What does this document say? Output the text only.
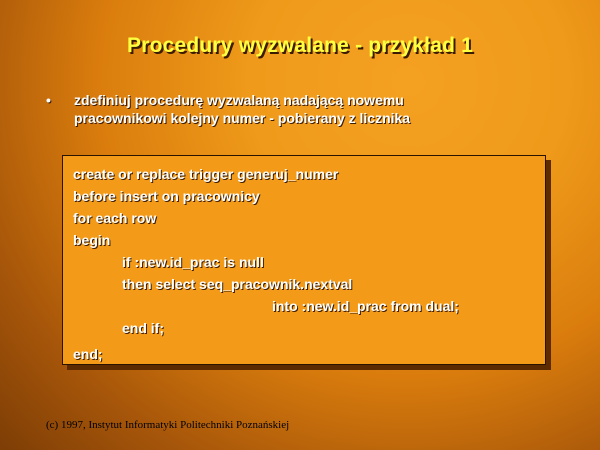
Procedury wyzwalane - przykład 1
• zdefiniuj procedurę wyzwalaną nadającą nowemu
pracownikowi kolejny numer - pobierany z licznika
create or replace trigger generuj_numer
before insert on pracownicy
for each row
begin
if :new.id_prac is null
then select seq_pracownik.nextval
into :new.id_prac from dual;
end if;
end;
(c) 1997, Instytut Informatyki Politechniki Poznańskiej
